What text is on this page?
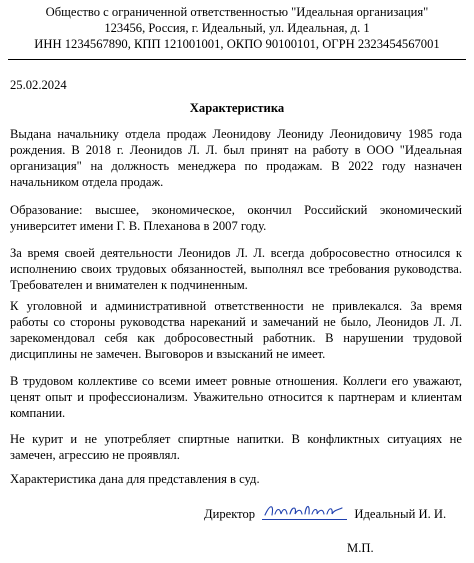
Общество с ограниченной ответственностью "Идеальная организация"
123456, Россия, г. Идеальный, ул. Идеальная, д. 1
ИНН 1234567890, КПП 121001001, ОКПО 90100101, ОГРН 2323454567001
25.02.2024
Характеристика
Выдана начальнику отдела продаж Леонидову Леониду Леонидовичу 1985 года рождения. В 2018 г. Леонидов Л. Л. был принят на работу в ООО "Идеальная организация" на должность менеджера по продажам. В 2022 году назначен начальником отдела продаж.
Образование: высшее, экономическое, окончил Российский экономический университет имени Г. В. Плеханова в 2007 году.
За время своей деятельности Леонидов Л. Л. всегда добросовестно относился к исполнению своих трудовых обязанностей, выполнял все требования руководства. Требователен и внимателен к подчиненным.
К уголовной и административной ответственности не привлекался. За время работы со стороны руководства нареканий и замечаний не было, Леонидов Л. Л. зарекомендовал себя как добросовестный работник. В нарушении трудовой дисциплины не замечен. Выговоров и взысканий не имеет.
В трудовом коллективе со всеми имеет ровные отношения. Коллеги его уважают, ценят опыт и профессионализм. Уважительно относится к партнерам и клиентам компании.
Не курит и не употребляет спиртные напитки. В конфликтных ситуациях не замечен, агрессию не проявлял.
Характеристика дана для представления в суд.
Директор	Идеальный И. И.
М.П.
